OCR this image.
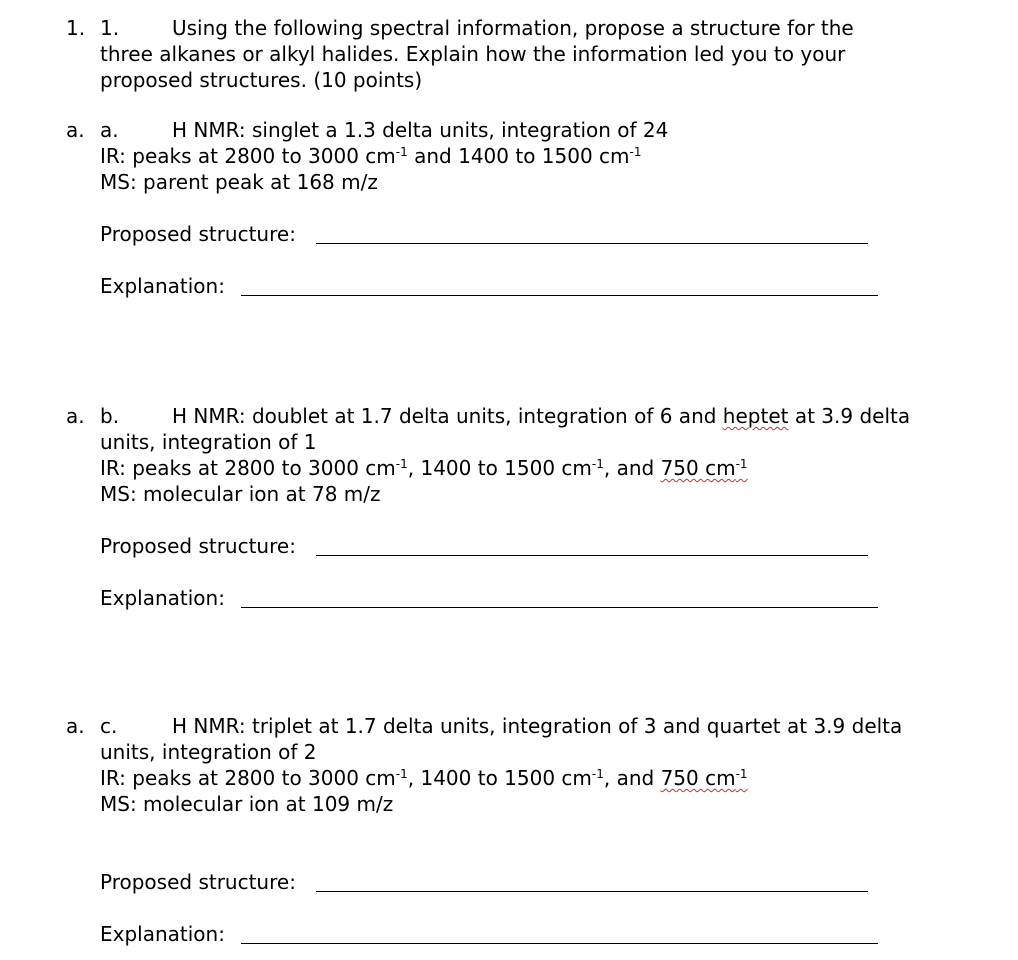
1. 1.	Using the following spectral information, propose a structure for the
three alkanes or alkyl halides. Explain how the information led you to your
proposed structures. (10 points)
a. a.	H NMR: singlet a 1.3 delta units, integration of 24
IR: peaks at 2800 to 3000 $cm^{-1}$ and 1400 to 1500 $cm^{-1}$
MS: parent peak at 168 m/z
Proposed structure:
Explanation:
a. b.	H NMR: doublet at 1.7 delta units, integration of 6 and heptet at 3.9 delta
units, integration of 1
IR: peaks at 2800 to 3000 $cm^{-1}$, 1400 to 1500 $cm^{-1}$, and 750 $cm^{-1}$
MS: molecular ion at 78 m/z
Proposed structure:
Explanation:
a. c.	H NMR: triplet at 1.7 delta units, integration of 3 and quartet at 3.9 delta
units, integration of 2
IR: peaks at 2800 to 3000 $cm^{-1}$, 1400 to 1500 $cm^{-1}$, and 750 $cm^{-1}$
MS: molecular ion at 109 m/z
Proposed structure:
Explanation:
